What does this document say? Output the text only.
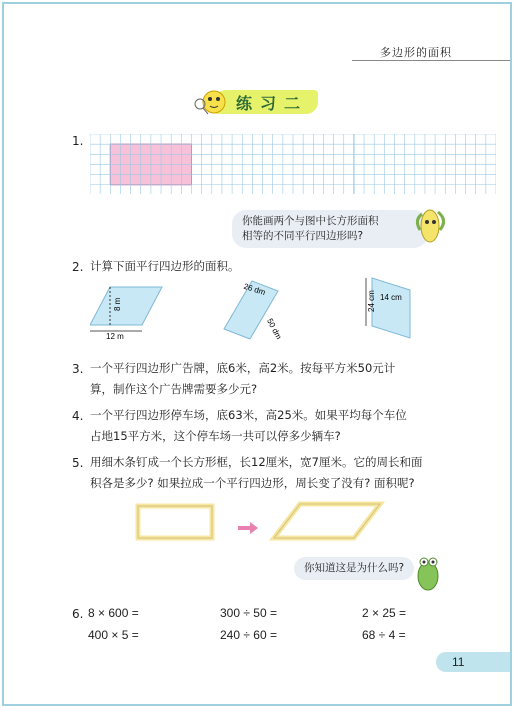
多边形的面积
练习二
1.
你能画两个与图中长方形面积
相等的不同平行四边形吗?
2. 计算下面平行四边形的面积。
8 m
12 m
26 dm
50 dm
24 cm 14 cm
3. 一个平行四边形广告牌，底6米，高2米。按每平方米50元计
算，制作这个广告牌需要多少元?
4. 一个平行四边形停车场，底63米，高25米。如果平均每个车位
占地15平方米，这个停车场一共可以停多少辆车?
5. 用细木条钉成一个长方形框，长12厘米，宽7厘米。它的周长和面
积各是多少? 如果拉成一个平行四边形，周长变了没有? 面积呢?
你知道这是为什么吗?
6. 8 × 600 =	300 ÷ 50 =	2 × 25 =
400 × 5 =	240 ÷ 60 =	68 ÷ 4 =
11
